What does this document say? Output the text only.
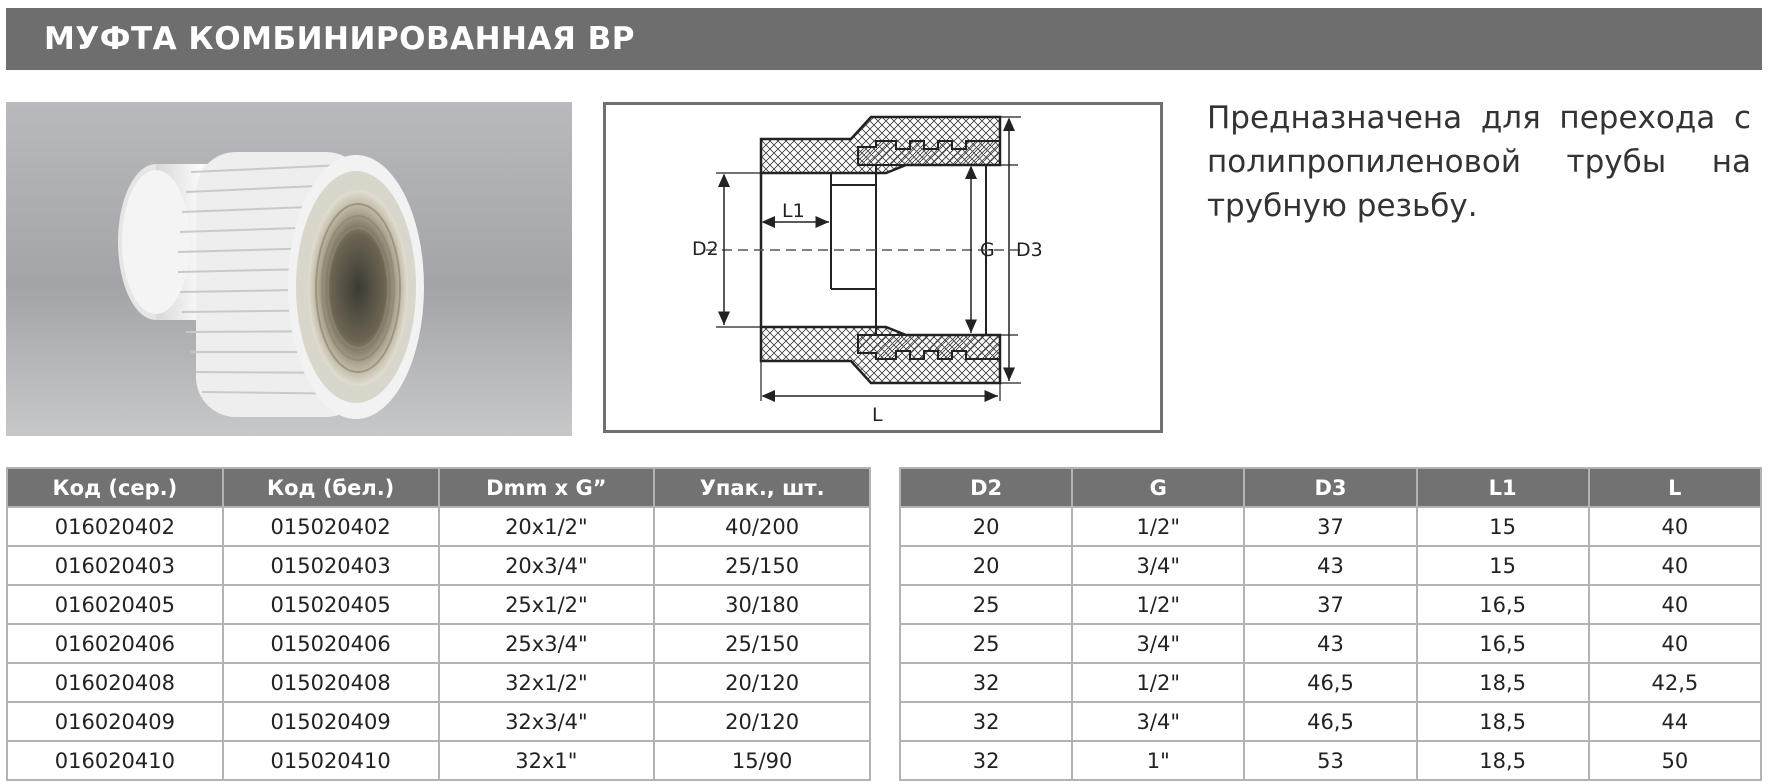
МУФТА КОМБИНИРОВАННАЯ ВР
D2
L1
G D3
L
Предназначена для перехода с полипропиленовой трубы на трубную резьбу.
Код (сер.)	Код (бел.)	Dmm x G”	Упак., шт.
016020402	015020402	20x1/2"	40/200
016020403	015020403	20x3/4"	25/150
016020405	015020405	25x1/2"	30/180
016020406	015020406	25x3/4"	25/150
016020408	015020408	32x1/2"	20/120
016020409	015020409	32x3/4"	20/120
016020410	015020410	32x1"	15/90
D2	G	D3	L1	L
20	1/2"	37	15	40
20	3/4"	43	15	40
25	1/2"	37	16,5	40
25	3/4"	43	16,5	40
32	1/2"	46,5	18,5	42,5
32	3/4"	46,5	18,5	44
32	1"	53	18,5	50
